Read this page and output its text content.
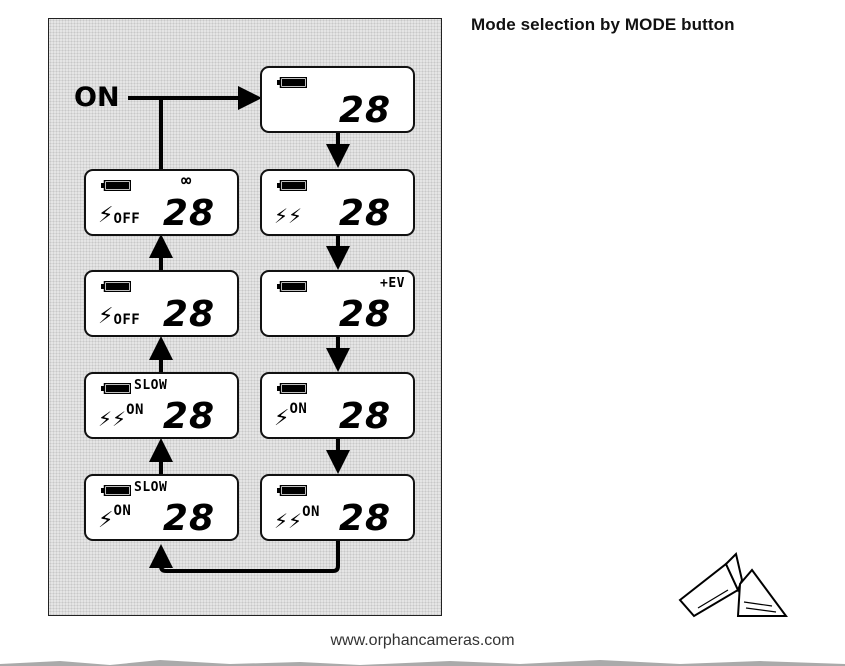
Mode selection by MODE button
ON	28
⚡⚡ 28
+EV
28
⚡$^{ON}$ 28
⚡⚡$^{ON}$ 28
SLOW
⚡$^{ON}$ 28
SLOW
⚡⚡$^{ON}$ 28
⚡OFF 28
∞
⚡OFF 28
www.orphancameras.com
